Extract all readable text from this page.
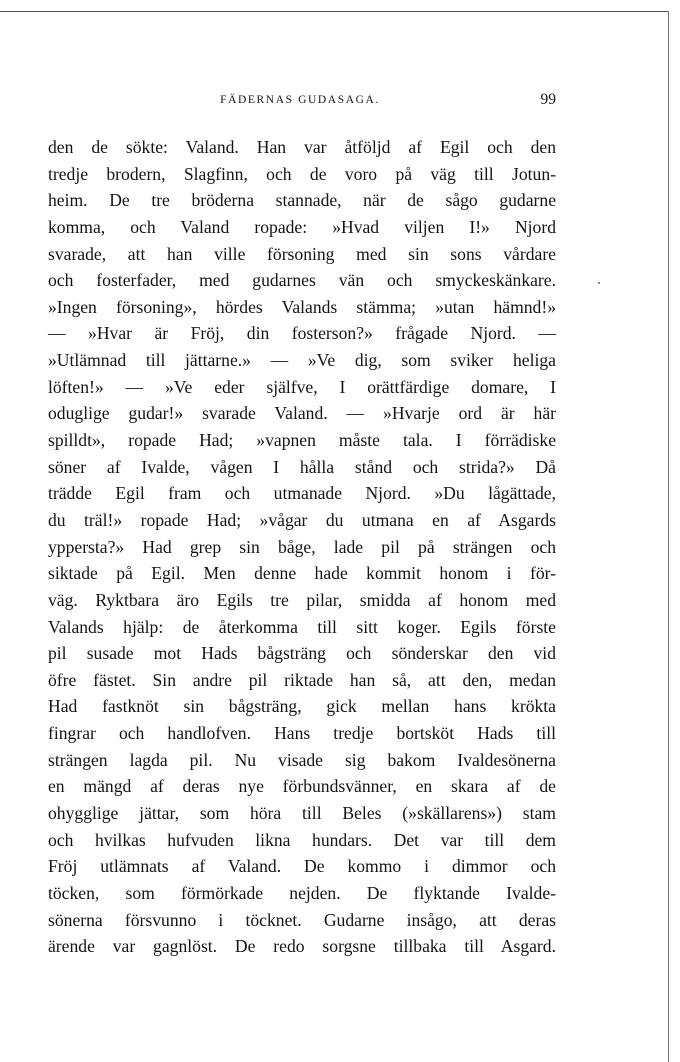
FÄDERNAS GUDASAGA.	99
den de sökte: Valand. Han var åtföljd af Egil och den
tredje brodern, Slagfinn, och de voro på väg till Jotun-
heim. De tre bröderna stannade, när de sågo gudarne
komma, och Valand ropade: »Hvad viljen I!» Njord
svarade, att han ville försoning med sin sons vårdare
och fosterfader, med gudarnes vän och smyckeskänkare.
»Ingen försoning», hördes Valands stämma; »utan hämnd!»
— »Hvar är Fröj, din fosterson?» frågade Njord. —
»Utlämnad till jättarne.» — »Ve dig, som sviker heliga
löften!» — »Ve eder själfve, I orättfärdige domare, I
oduglige gudar!» svarade Valand. — »Hvarje ord är här
spilldt», ropade Had; »vapnen måste tala. I förrädiske
söner af Ivalde, vågen I hålla stånd och strida?» Då
trädde Egil fram och utmanade Njord. »Du lågättade,
du träl!» ropade Had; »vågar du utmana en af Asgards
yppersta?» Had grep sin båge, lade pil på strängen och
siktade på Egil. Men denne hade kommit honom i för-
väg. Ryktbara äro Egils tre pilar, smidda af honom med
Valands hjälp: de återkomma till sitt koger. Egils förste
pil susade mot Hads bågsträng och sönderskar den vid
öfre fästet. Sin andre pil riktade han så, att den, medan
Had fastknöt sin bågsträng, gick mellan hans krökta
fingrar och handlofven. Hans tredje bortsköt Hads till
strängen lagda pil. Nu visade sig bakom Ivaldesönerna
en mängd af deras nye förbundsvänner, en skara af de
ohygglige jättar, som höra till Beles (»skällarens») stam
och hvilkas hufvuden likna hundars. Det var till dem
Fröj utlämnats af Valand. De kommo i dimmor och
töcken, som förmörkade nejden. De flyktande Ivalde-
sönerna försvunno i töcknet. Gudarne insågo, att deras
ärende var gagnlöst. De redo sorgsne tillbaka till Asgard.
